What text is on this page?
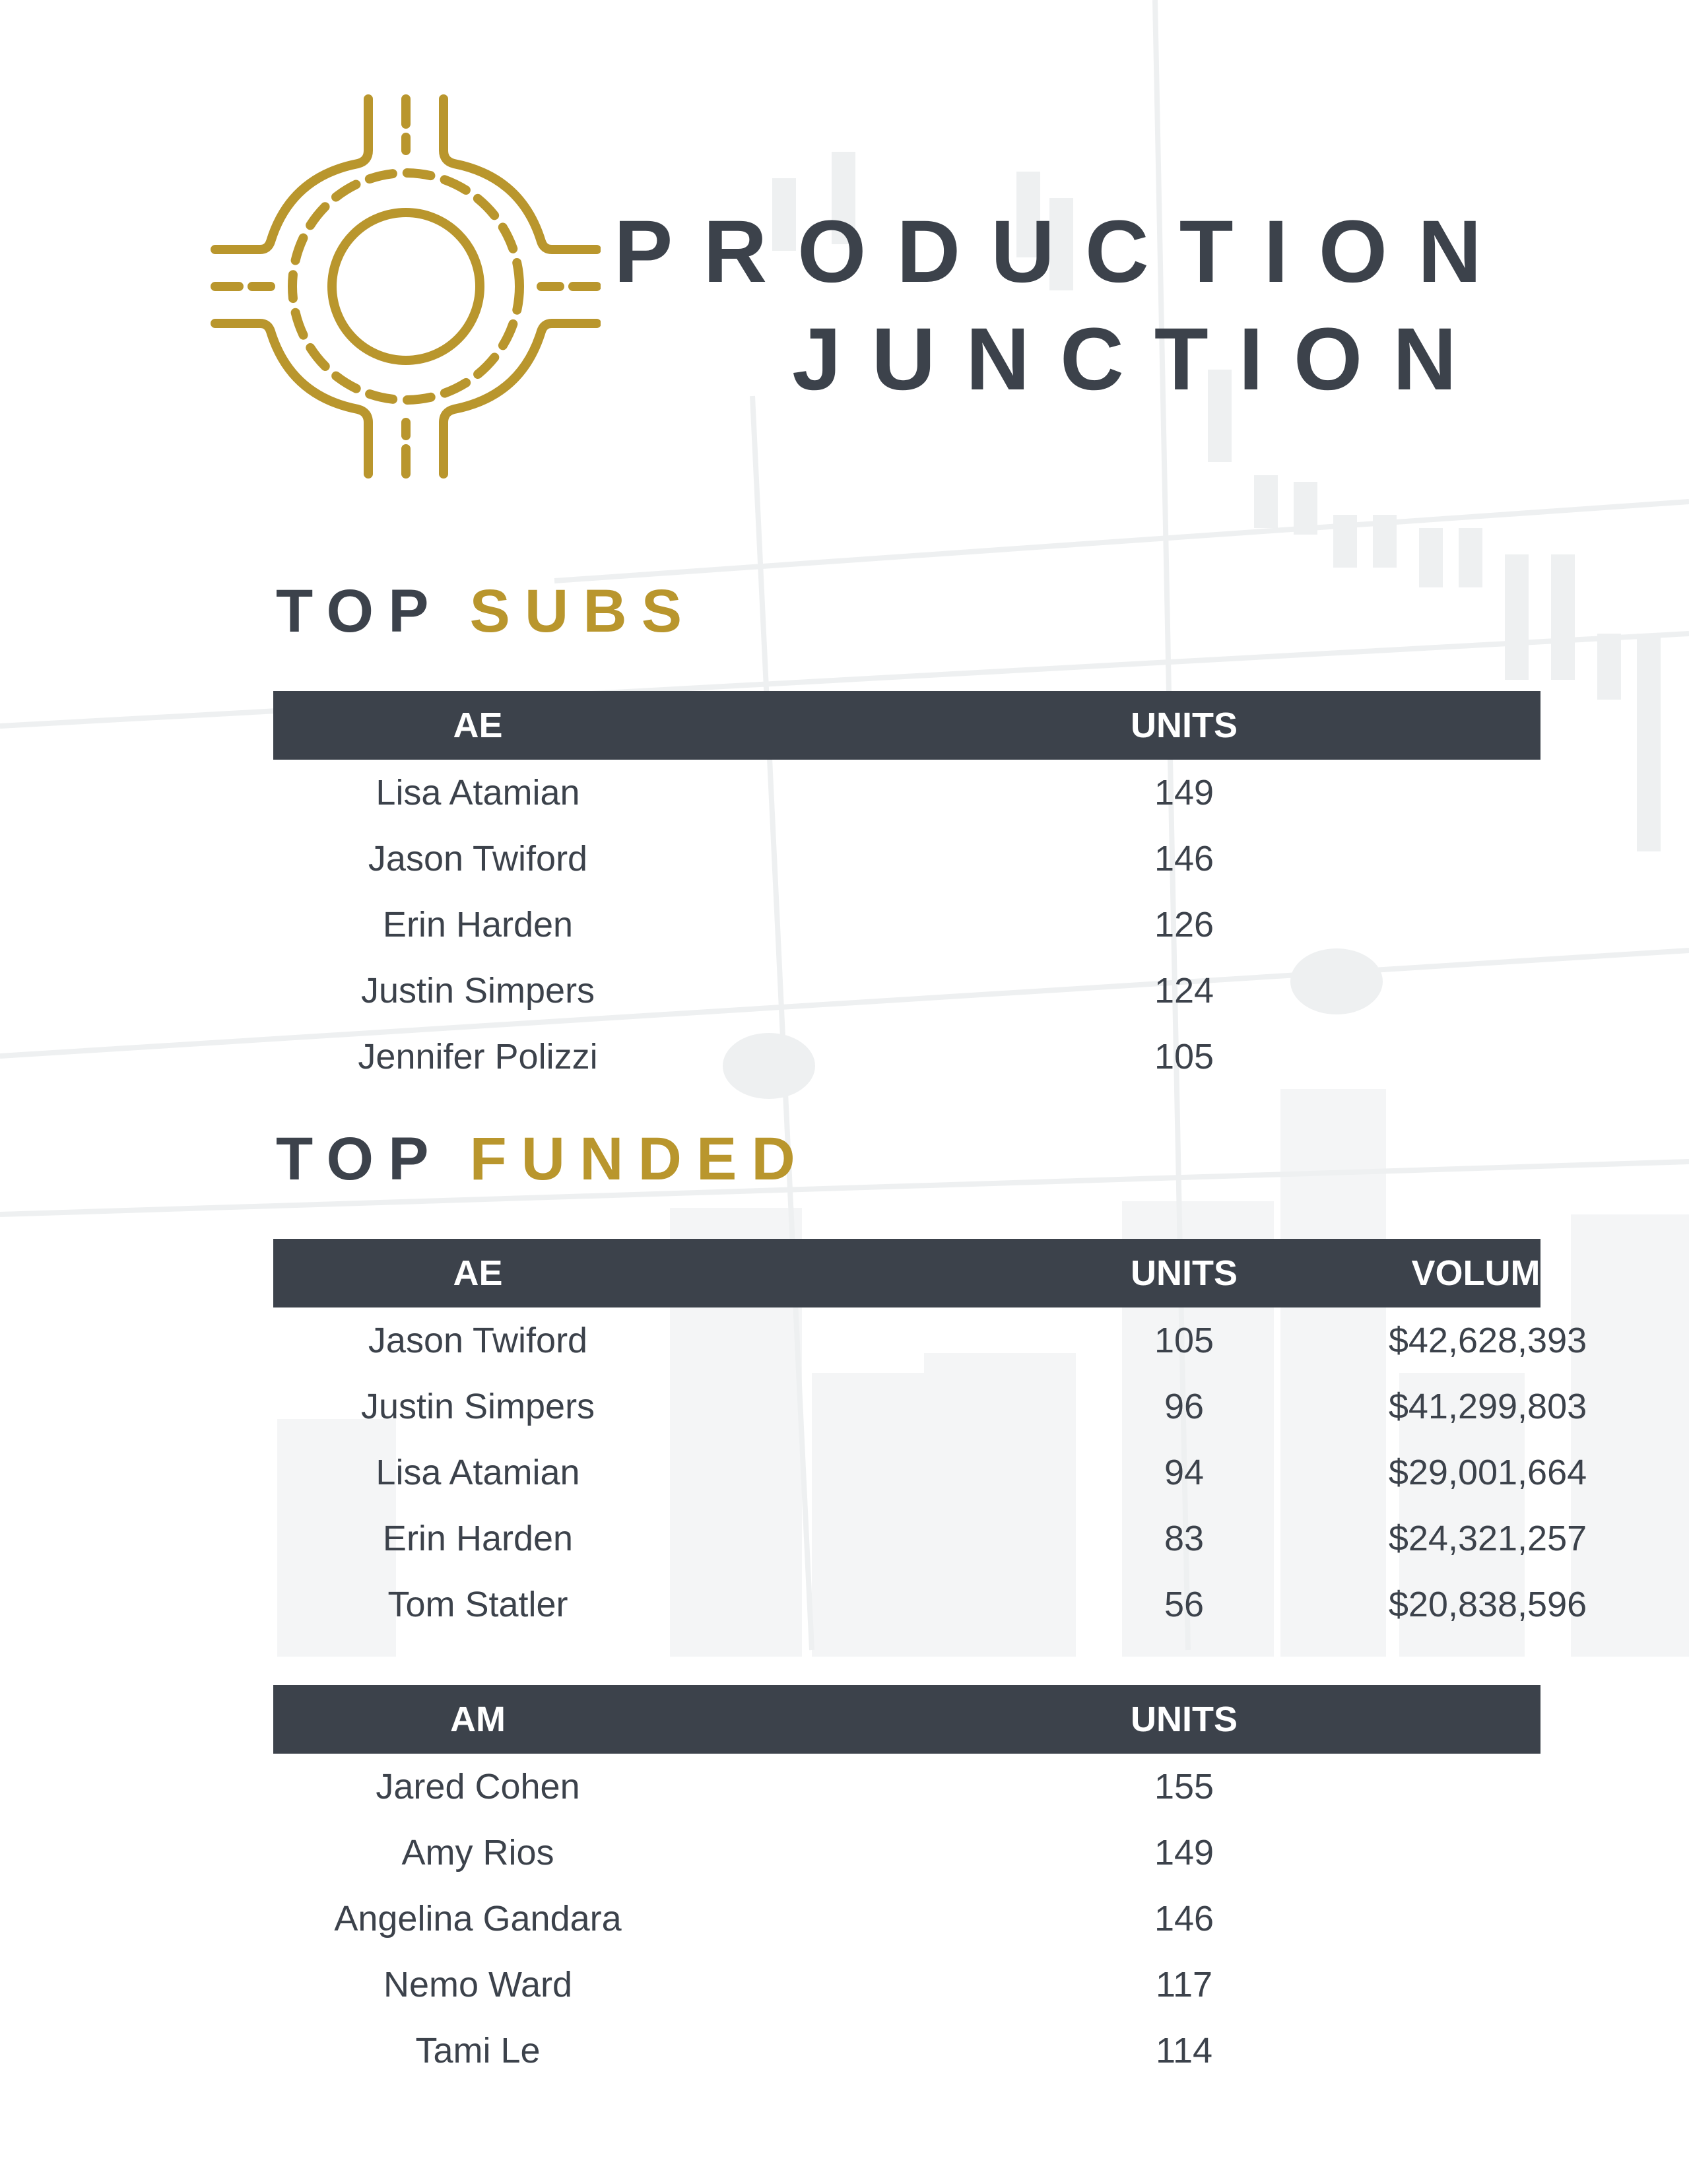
PRODUCTION

JUNCTION

TOP SUBS
AE	UNITS
Lisa Atamian	149
Jason Twiford	146
Erin Harden	126
Justin Simpers	124
Jennifer Polizzi	105
TOP FUNDED
AE	UNITS	VOLUME
Jason Twiford	105	$42,628,393
Justin Simpers	96	$41,299,803
Lisa Atamian	94	$29,001,664
Erin Harden	83	$24,321,257
Tom Statler	56	$20,838,596
AM	UNITS
Jared Cohen	155
Amy Rios	149
Angelina Gandara	146
Nemo Ward	117
Tami Le	114
